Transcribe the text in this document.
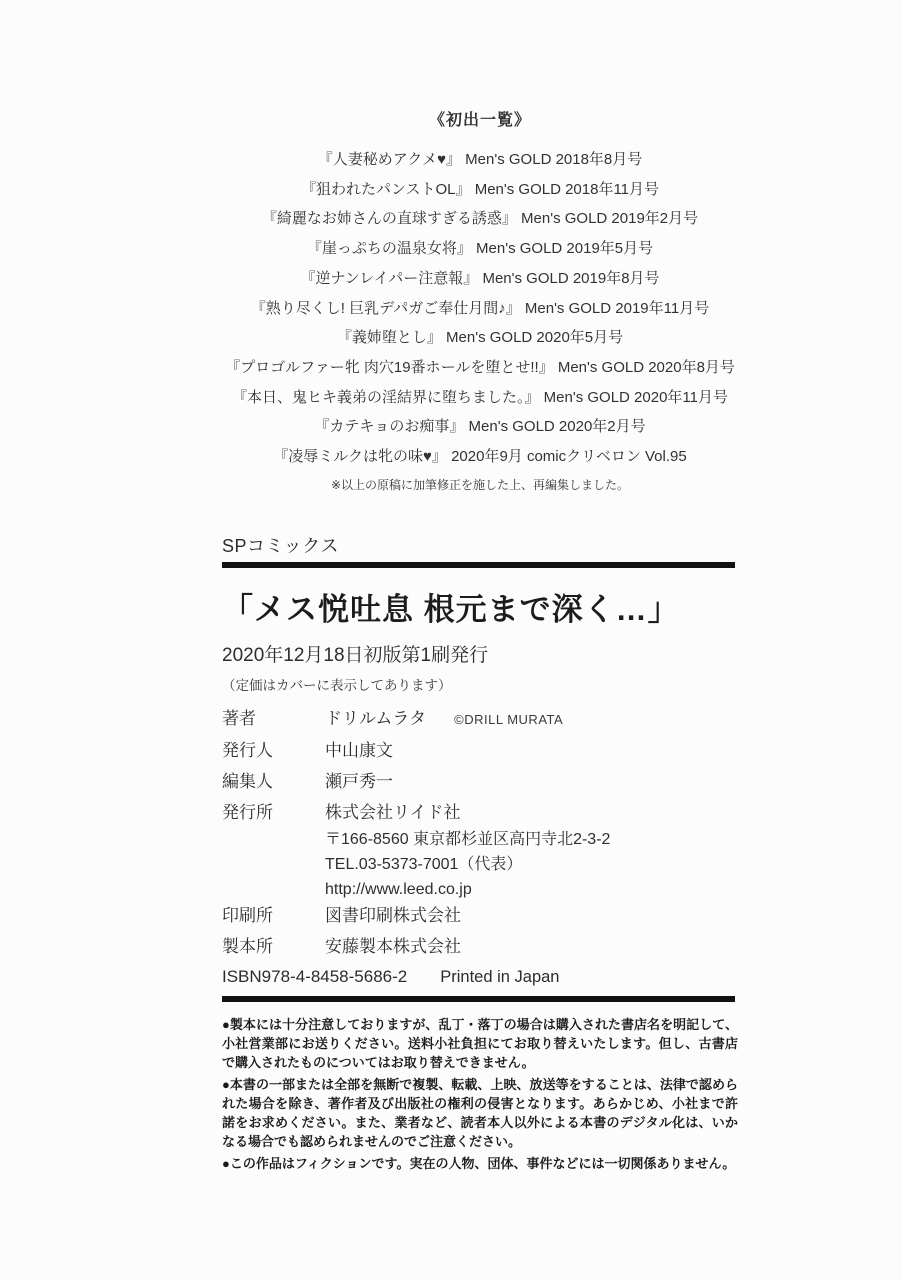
《初出一覧》
『人妻秘めアクメ♥』 Men's GOLD 2018年8月号
『狙われたパンストOL』 Men's GOLD 2018年11月号
『綺麗なお姉さんの直球すぎる誘惑』 Men's GOLD 2019年2月号
『崖っぷちの温泉女将』 Men's GOLD 2019年5月号
『逆ナンレイパー注意報』 Men's GOLD 2019年8月号
『熟り尽くし! 巨乳デパガご奉仕月間♪』 Men's GOLD 2019年11月号
『義姉堕とし』 Men's GOLD 2020年5月号
『プロゴルファー牝 肉穴19番ホールを堕とせ!!』 Men's GOLD 2020年8月号
『本日、鬼ヒキ義弟の淫結界に堕ちました。』 Men's GOLD 2020年11月号
『カテキョのお痴事』 Men's GOLD 2020年2月号
『凌辱ミルクは牝の味♥』 2020年9月 comicクリベロン Vol.95
※以上の原稿に加筆修正を施した上、再編集しました。
SPコミックス
「メス悦吐息 根元まで深く…」
2020年12月18日初版第1刷発行
（定価はカバーに表示してあります）
著者	ドリルムラタ ©DRILL MURATA
発行人	中山康文
編集人	瀬戸秀一
発行所	株式会社リイド社
〒166-8560 東京都杉並区高円寺北2-3-2
TEL.03-5373-7001（代表）
http://www.leed.co.jp
印刷所	図書印刷株式会社
製本所	安藤製本株式会社
ISBN978-4-8458-5686-2 Printed in Japan

●製本には十分注意しておりますが、乱丁・落丁の場合は購入された書店名を明記して、小社営業部にお送りください。送料小社負担にてお取り替えいたします。但し、古書店で購入されたものについてはお取り替えできません。

●本書の一部または全部を無断で複製、転載、上映、放送等をすることは、法律で認められた場合を除き、著作者及び出版社の権利の侵害となります。あらかじめ、小社まで許諾をお求めください。また、業者など、読者本人以外による本書のデジタル化は、いかなる場合でも認められませんのでご注意ください。

●この作品はフィクションです。実在の人物、団体、事件などには一切関係ありません。
